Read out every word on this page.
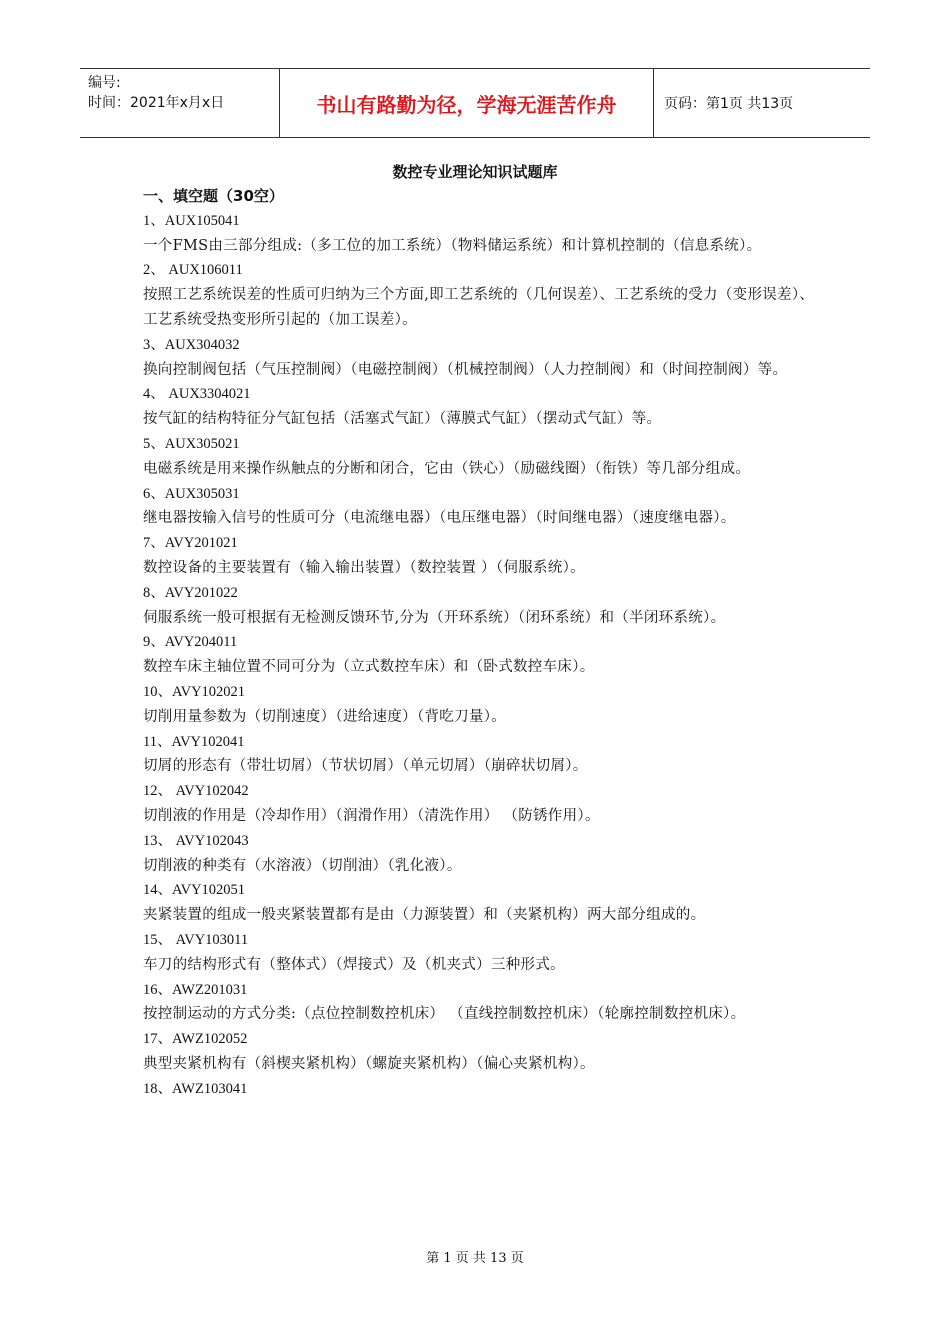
编号:
时间：2021年x月x日	书山有路勤为径，学海无涯苦作舟	页码：第1页 共13页
数控专业理论知识试题库
一、填空题（30空）
1、AUX105041
一个FMS由三部分组成:（多工位的加工系统）（物料储运系统）和计算机控制的（信息系统）。
2、 AUX106011
按照工艺系统误差的性质可归纳为三个方面,即工艺系统的（几何误差）、工艺系统的受力（变形误差）、工艺系统受热变形所引起的（加工误差）。
3、AUX304032
换向控制阀包括（气压控制阀）（电磁控制阀）（机械控制阀）（人力控制阀）和（时间控制阀）等。
4、 AUX3304021
按气缸的结构特征分气缸包括（活塞式气缸）（薄膜式气缸）（摆动式气缸）等。
5、AUX305021
电磁系统是用来操作纵触点的分断和闭合，它由（铁心）（励磁线圈）（衔铁）等几部分组成。
6、AUX305031
继电器按输入信号的性质可分（电流继电器）（电压继电器）（时间继电器）（速度继电器）。
7、AVY201021
数控设备的主要装置有（输入输出装置）（数控装置 ）（伺服系统）。
8、AVY201022
伺服系统一般可根据有无检测反馈环节,分为（开环系统）（闭环系统）和（半闭环系统）。
9、AVY204011
数控车床主轴位置不同可分为（立式数控车床）和（卧式数控车床）。
10、AVY102021
切削用量参数为（切削速度）（进给速度）（背吃刀量）。
11、AVY102041
切屑的形态有（带壮切屑）（节状切屑）（单元切屑）（崩碎状切屑）。
12、 AVY102042
切削液的作用是（冷却作用）（润滑作用）（清洗作用） （防锈作用）。
13、 AVY102043
切削液的种类有（水溶液）（切削油）（乳化液）。
14、AVY102051
夹紧装置的组成一般夹紧装置都有是由（力源装置）和（夹紧机构）两大部分组成的。
15、 AVY103011
车刀的结构形式有（整体式）（焊接式）及（机夹式）三种形式。
16、AWZ201031
按控制运动的方式分类:（点位控制数控机床） （直线控制数控机床）（轮廓控制数控机床）。
17、AWZ102052
典型夹紧机构有（斜楔夹紧机构）（螺旋夹紧机构）（偏心夹紧机构）。
18、AWZ103041
第 1 页 共 13 页
